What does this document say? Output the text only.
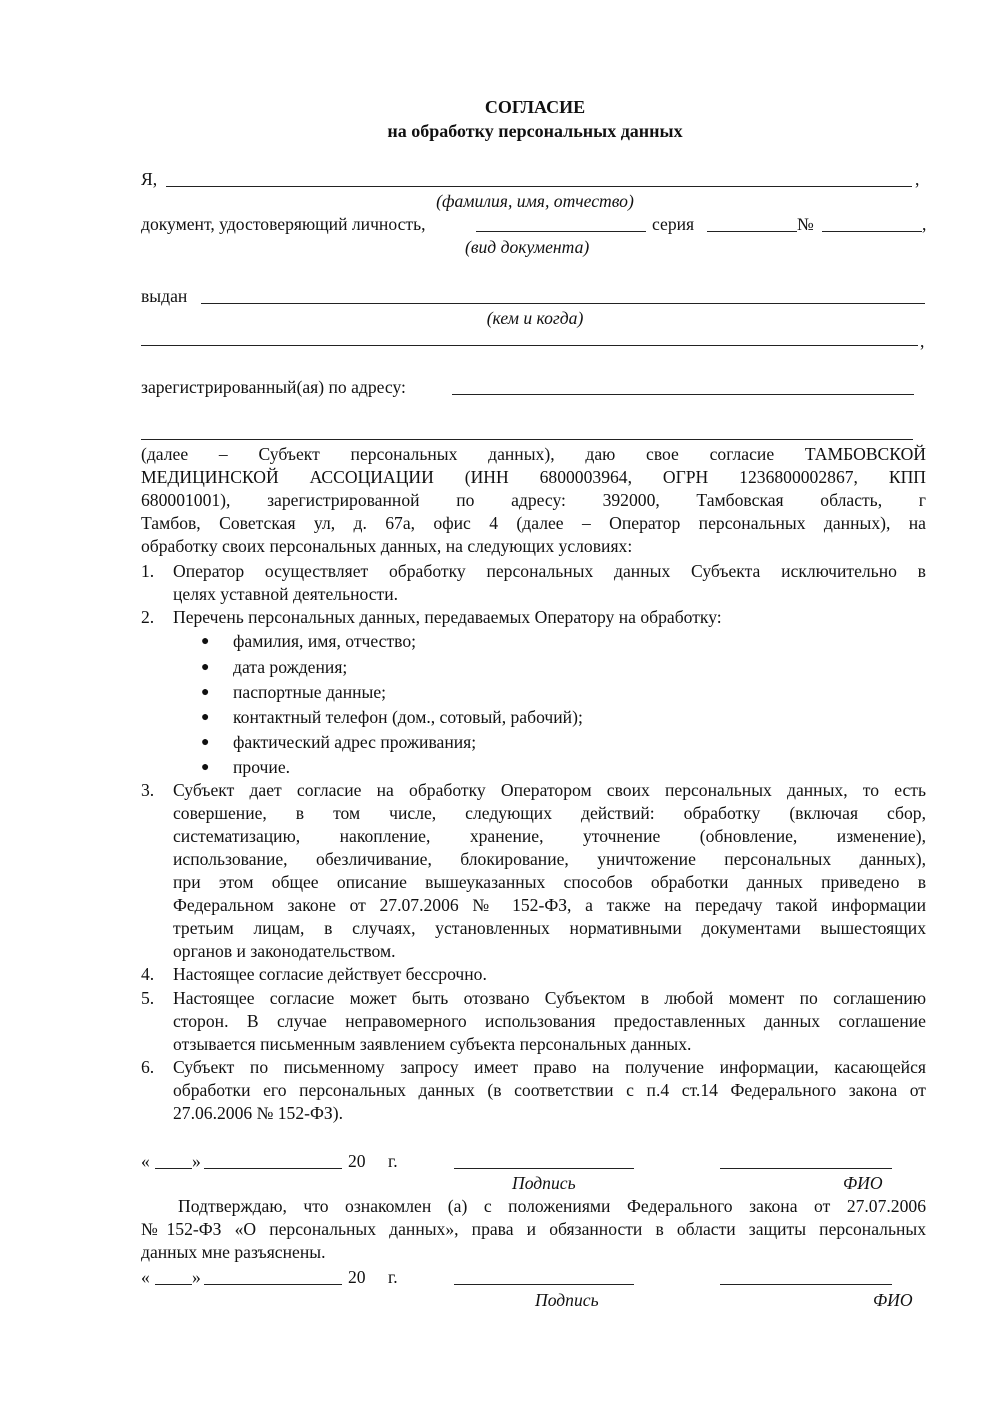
СОГЛАСИЕ
на обработку персональных данных
Я,	,
(фамилия, имя, отчество)
документ, удостоверяющий личность,	серия	№	,
(вид документа)
выдан
(кем и когда)
,
зарегистрированный(ая) по адресу:
(далее – Субъект персональных данных), даю свое согласие ТАМБОВСКОЙ
МЕДИЦИНСКОЙ АССОЦИАЦИИ (ИНН 6800003964, ОГРН 1236800002867, КПП
680001001), зарегистрированной по адресу: 392000, Тамбовская область, г
Тамбов, Советская ул, д. 67а, офис 4 (далее – Оператор персональных данных), на
обработку своих персональных данных, на следующих условиях:
1. Оператор осуществляет обработку персональных данных Субъекта исключительно в
целях уставной деятельности.
2. Перечень персональных данных, передаваемых Оператору на обработку:
● фамилия, имя, отчество;
● дата рождения;
● паспортные данные;
● контактный телефон (дом., сотовый, рабочий);
● фактический адрес проживания;
● прочие.
3. Субъект дает согласие на обработку Оператором своих персональных данных, то есть
совершение, в том числе, следующих действий: обработку (включая сбор,
систематизацию, накопление, хранение, уточнение (обновление, изменение),
использование, обезличивание, блокирование, уничтожение персональных данных),
при этом общее описание вышеуказанных способов обработки данных приведено в
Федеральном законе от 27.07.2006 № 152-ФЗ, а также на передачу такой информации
третьим лицам, в случаях, установленных нормативными документами вышестоящих
органов и законодательством.
4. Настоящее согласие действует бессрочно.
5. Настоящее согласие может быть отозвано Субъектом в любой момент по соглашению
сторон. В случае неправомерного использования предоставленных данных соглашение
отзывается письменным заявлением субъекта персональных данных.
6. Субъект по письменному запросу имеет право на получение информации, касающейся
обработки его персональных данных (в соответствии с п.4 ст.14 Федерального закона от
27.06.2006 № 152-ФЗ).
« »	20 г.
Подпись	ФИО
Подтверждаю, что ознакомлен (а) с положениями Федерального закона от 27.07.2006
№152-ФЗ «О персональных данных», права и обязанности в области защиты персональных
данных мне разъяснены.
« »	20 г.
Подпись	ФИО
